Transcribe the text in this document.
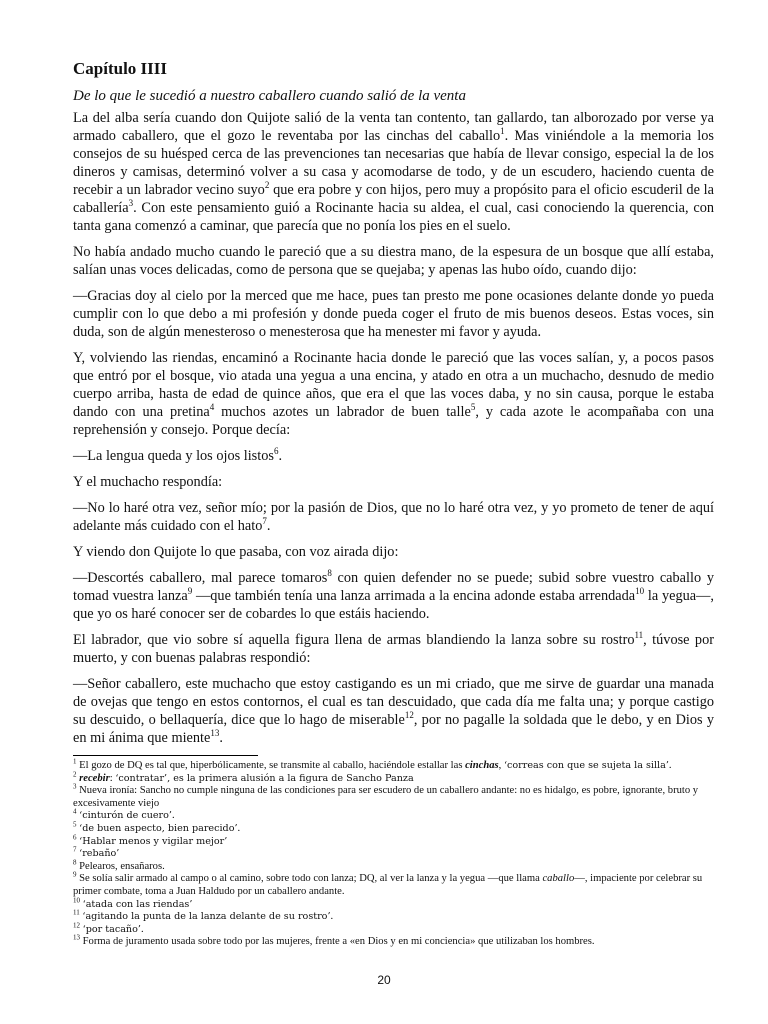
Capítulo IIII
De lo que le sucedió a nuestro caballero cuando salió de la venta

La del alba sería cuando don Quijote salió de la venta tan contento, tan gallardo, tan alborozado por verse ya armado caballero, que el gozo le reventaba por las cinchas del caballo$^1$. Mas viniéndole a la memoria los consejos de su huésped cerca de las prevenciones tan necesarias que había de llevar consigo, especial la de los dineros y camisas, determinó volver a su casa y acomodarse de todo, y de un escudero, haciendo cuenta de recebir a un labrador vecino suyo$^2$ que era pobre y con hijos, pero muy a propósito para el oficio escuderil de la caballería$^3$. Con este pensamiento guió a Rocinante hacia su aldea, el cual, casi conociendo la querencia, con tanta gana comenzó a caminar, que parecía que no ponía los pies en el suelo.

No había andado mucho cuando le pareció que a su diestra mano, de la espesura de un bosque que allí estaba, salían unas voces delicadas, como de persona que se quejaba; y apenas las hubo oído, cuando dijo:

—Gracias doy al cielo por la merced que me hace, pues tan presto me pone ocasiones delante donde yo pueda cumplir con lo que debo a mi profesión y donde pueda coger el fruto de mis buenos deseos. Estas voces, sin duda, son de algún menesteroso o menesterosa que ha menester mi favor y ayuda.

Y, volviendo las riendas, encaminó a Rocinante hacia donde le pareció que las voces salían, y, a pocos pasos que entró por el bosque, vio atada una yegua a una encina, y atado en otra a un muchacho, desnudo de medio cuerpo arriba, hasta de edad de quince años, que era el que las voces daba, y no sin causa, porque le estaba dando con una pretina$^4$ muchos azotes un labrador de buen talle$^5$, y cada azote le acompañaba con una reprehensión y consejo. Porque decía:

—La lengua queda y los ojos listos$^6$.

Y el muchacho respondía:

—No lo haré otra vez, señor mío; por la pasión de Dios, que no lo haré otra vez, y yo prometo de tener de aquí adelante más cuidado con el hato$^7$.

Y viendo don Quijote lo que pasaba, con voz airada dijo:

—Descortés caballero, mal parece tomaros$^8$ con quien defender no se puede; subid sobre vuestro caballo y tomad vuestra lanza$^9$ —que también tenía una lanza arrimada a la encina adonde estaba arrendada$^{10}$ la yegua—, que yo os haré conocer ser de cobardes lo que estáis haciendo.

El labrador, que vio sobre sí aquella figura llena de armas blandiendo la lanza sobre su rostro$^{11}$, túvose por muerto, y con buenas palabras respondió:

—Señor caballero, este muchacho que estoy castigando es un mi criado, que me sirve de guardar una manada de ovejas que tengo en estos contornos, el cual es tan descuidado, que cada día me falta una; y porque castigo su descuido, o bellaquería, dice que lo hago de miserable$^{12}$, por no pagalle la soldada que le debo, y en Dios y en mi ánima que miente$^{13}$.

$^1$ El gozo de DQ es tal que, hiperbólicamente, se transmite al caballo, haciéndole estallar las cinchas, ‘correas con que se sujeta la silla’.
$^2$ recebir: ‘contratar’, es la primera alusión a la figura de Sancho Panza
$^3$ Nueva ironía: Sancho no cumple ninguna de las condiciones para ser escudero de un caballero andante: no es hidalgo, es pobre, ignorante, bruto y excesivamente viejo
$^4$ ‘cinturón de cuero’.
$^5$ ‘de buen aspecto, bien parecido’.
$^6$ ‘Hablar menos y vigilar mejor’
$^7$ ‘rebaño’
$^8$ Pelearos, ensañaros.
$^9$ Se solía salir armado al campo o al camino, sobre todo con lanza; DQ, al ver la lanza y la yegua —que llama caballo—, impaciente por celebrar su primer combate, toma a Juan Haldudo por un caballero andante.
$^{10}$ ‘atada con las riendas’
$^{11}$ ‘agitando la punta de la lanza delante de su rostro’.
$^{12}$ ‘por tacaño’.
$^{13}$ Forma de juramento usada sobre todo por las mujeres, frente a «en Dios y en mi conciencia» que utilizaban los hombres.
20
